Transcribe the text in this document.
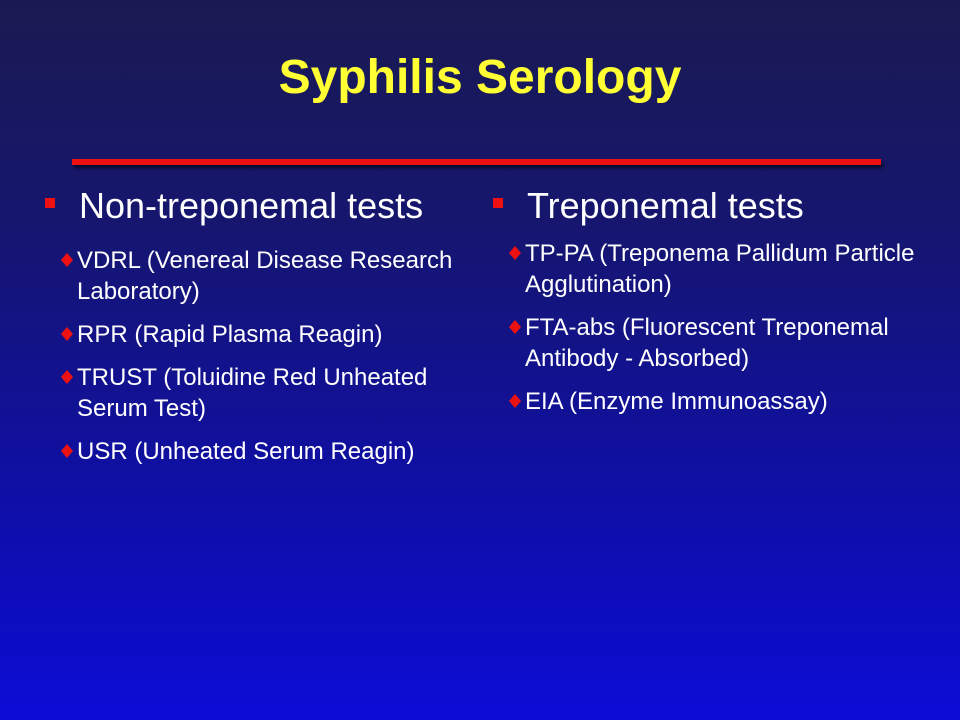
Syphilis Serology
Non-treponemal tests
VDRL (Venereal Disease Research Laboratory)
RPR (Rapid Plasma Reagin)
TRUST (Toluidine Red Unheated Serum Test)
USR (Unheated Serum Reagin)
Treponemal tests
TP-PA (Treponema Pallidum Particle Agglutination)
FTA-abs (Fluorescent Treponemal Antibody - Absorbed)
EIA (Enzyme Immunoassay)
